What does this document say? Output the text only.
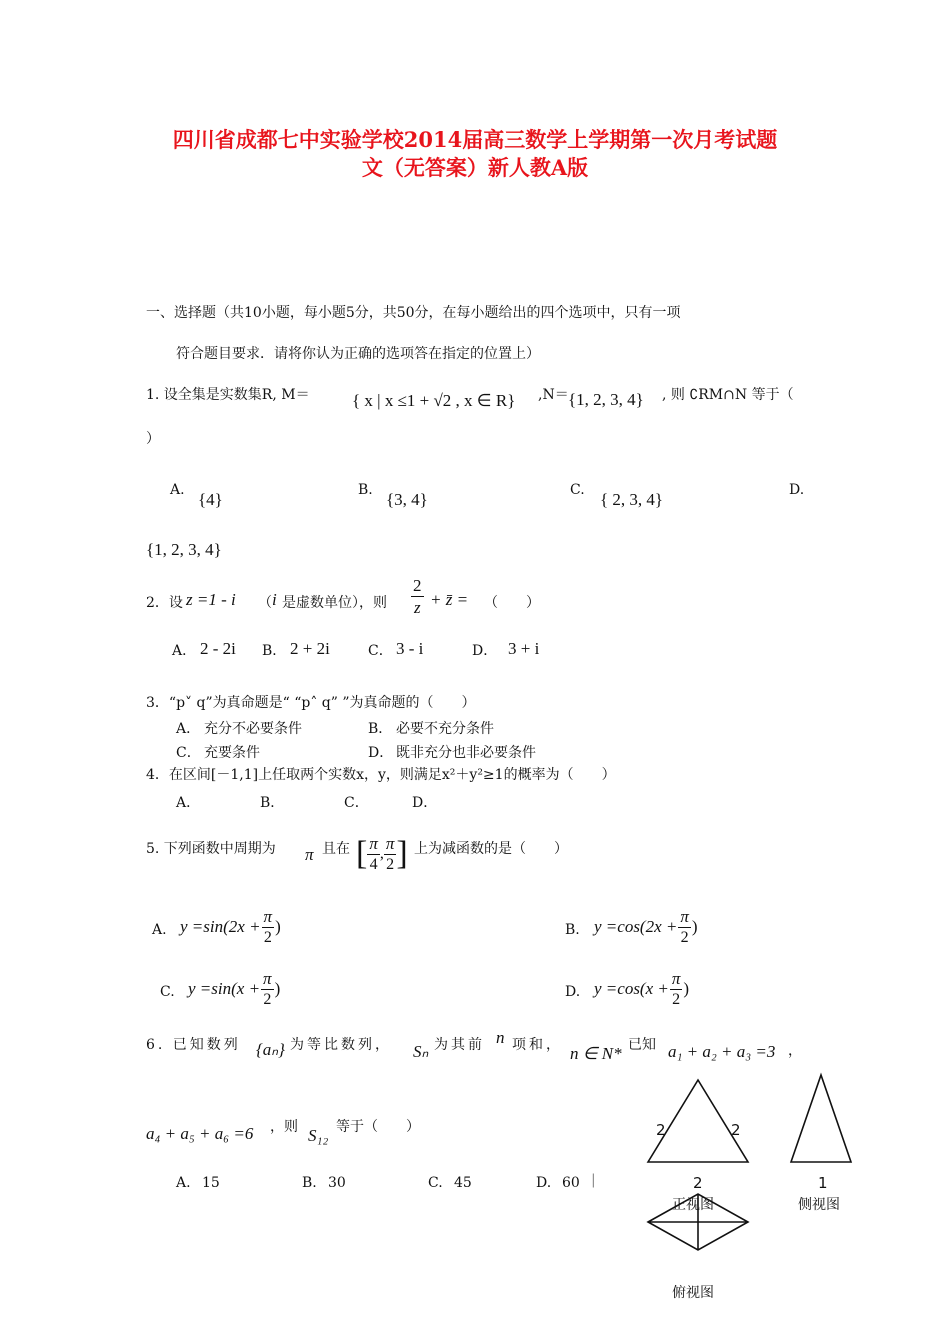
四川省成都七中实验学校2014届高三数学上学期第一次月考试题
文（无答案）新人教A版
一、选择题（共10小题，每小题5分，共50分，在每小题给出的四个选项中，只有一项
符合题目要求．请将你认为正确的选项答在指定的位置上）
1. 设全集是实数集R, M＝ { x | x ≤1 + √2 , x ∈ R} ,N＝ {1, 2, 3, 4} , 则 ∁RM∩N 等于（
）
A. {4}	B. {3, 4}	C. { 2, 3, 4}	D.
{1, 2, 3, 4}
2．设 z =1 - i （ i 是虚数单位），则 $\frac{2}{z}$ + z̄ = （　　）
A． 2 - 2i B． 2 + 2i	C． 3 - i	D． 3 + i
3．“p˅ q”为真命题是“ “p˄ q” ”为真命题的（　　）
A． 充分不必要条件	B． 必要不充分条件
C． 充要条件	D． 既非充分也非必要条件
4．在区间[－1,1]上任取两个实数x，y，则满足x²＋y²≥1的概率为（　　）
A．	B．	C．	D．
5. 下列函数中周期为 π 且在 [ $\frac{\pi}{4}$ , $\frac{\pi}{2}$ ] 上为减函数的是（　　）
A. $y =\sin(2x + \frac{\pi}{2}$ )	B. $y =\cos(2x + \frac{\pi}{2}$ )
C. $y =\sin(x + \frac{\pi}{2}$ )	D. $y =\cos(x + \frac{\pi}{2}$ )
6. 已知数列 {aₙ} 为等比数列， Sₙ 为其前 n 项和， n ∈ N* 已知 a₁ + a₂ + a₃ =3 ，
a₄ + a₅ + a₆ =6 ，则 S₁₂ 等于（　　）
A. 15	B. 30	C. 45	D. 60 |
2	2
2
正视图
1
侧视图
俯视图
